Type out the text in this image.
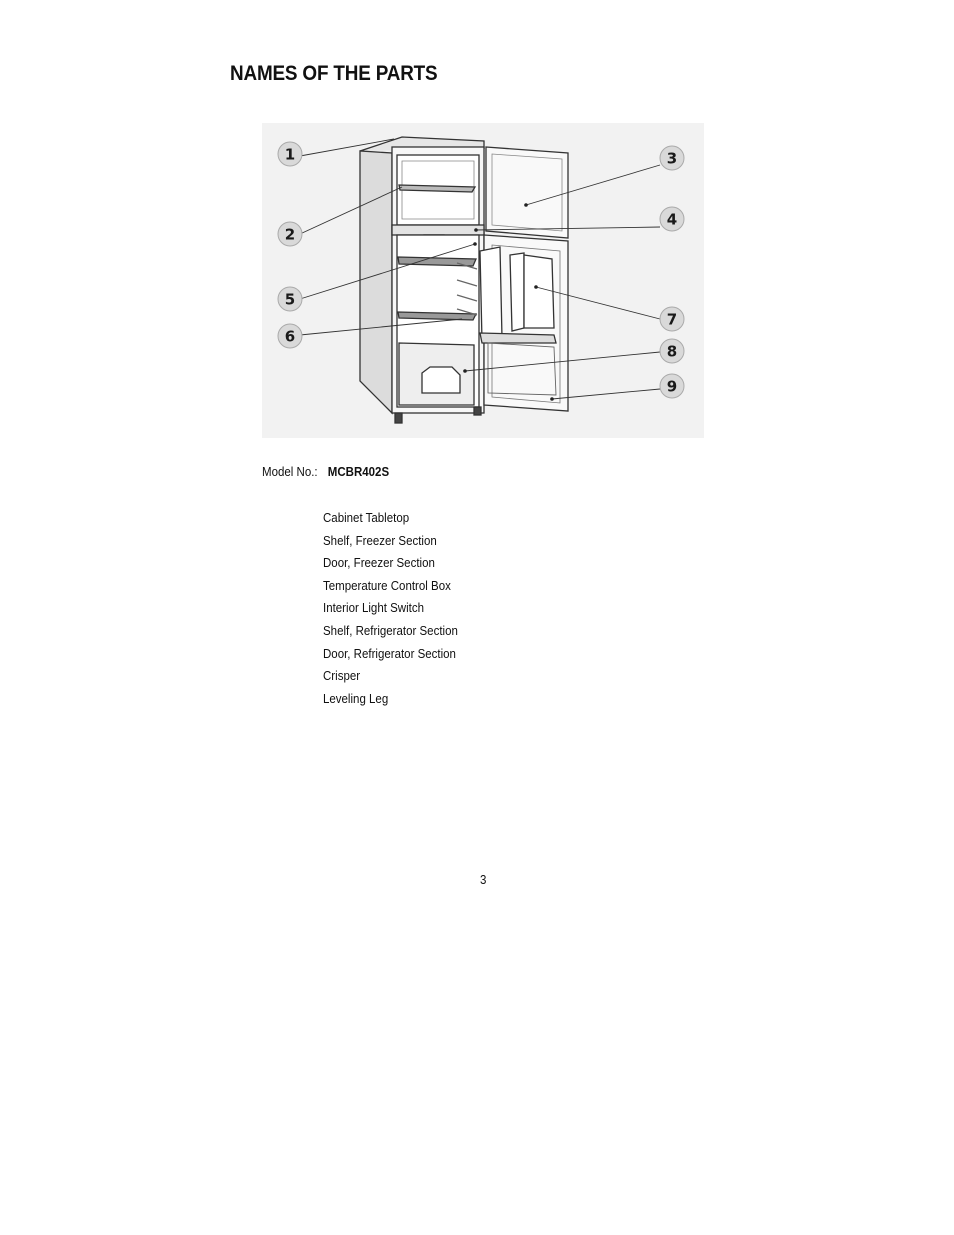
NAMES OF THE PARTS
1
2
3
4
5
6
7
8
9
Model No.: MCBR402S
Cabinet Tabletop
Shelf, Freezer Section
Door, Freezer Section
Temperature Control Box
Interior Light Switch
Shelf, Refrigerator Section
Door, Refrigerator Section
Crisper
Leveling Leg
3
